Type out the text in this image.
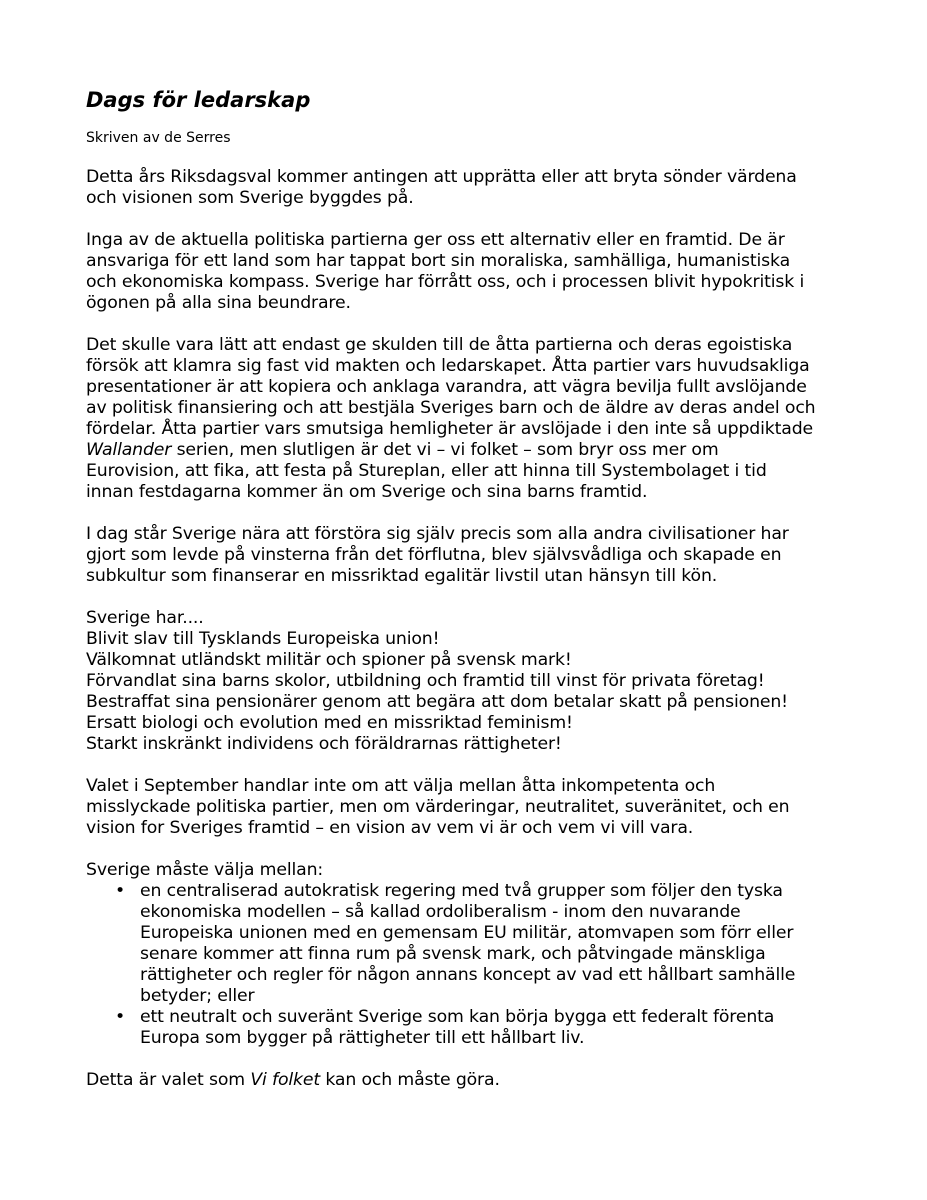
Dags för ledarskap
Skriven av de Serres

Detta års Riksdagsval kommer antingen att upprätta eller att bryta sönder värdena
och visionen som Sverige byggdes på.

Inga av de aktuella politiska partierna ger oss ett alternativ eller en framtid. De är
ansvariga för ett land som har tappat bort sin moraliska, samhälliga, humanistiska
och ekonomiska kompass. Sverige har förrått oss, och i processen blivit hypokritisk i
ögonen på alla sina beundrare.

Det skulle vara lätt att endast ge skulden till de åtta partierna och deras egoistiska
försök att klamra sig fast vid makten och ledarskapet. Åtta partier vars huvudsakliga
presentationer är att kopiera och anklaga varandra, att vägra bevilja fullt avslöjande
av politisk finansiering och att bestjäla Sveriges barn och de äldre av deras andel och
fördelar. Åtta partier vars smutsiga hemligheter är avslöjade i den inte så uppdiktade
Wallander serien, men slutligen är det vi – vi folket – som bryr oss mer om
Eurovision, att fika, att festa på Stureplan, eller att hinna till Systembolaget i tid
innan festdagarna kommer än om Sverige och sina barns framtid.

I dag står Sverige nära att förstöra sig själv precis som alla andra civilisationer har
gjort som levde på vinsterna från det förflutna, blev självsvådliga och skapade en
subkultur som finanserar en missriktad egalitär livstil utan hänsyn till kön.

Sverige har....
Blivit slav till Tysklands Europeiska union!
Välkomnat utländskt militär och spioner på svensk mark!
Förvandlat sina barns skolor, utbildning och framtid till vinst för privata företag!
Bestraffat sina pensionärer genom att begära att dom betalar skatt på pensionen!
Ersatt biologi och evolution med en missriktad feminism!
Starkt inskränkt individens och föräldrarnas rättigheter!

Valet i September handlar inte om att välja mellan åtta inkompetenta och
misslyckade politiska partier, men om värderingar, neutralitet, suveränitet, och en
vision for Sveriges framtid – en vision av vem vi är och vem vi vill vara.

Sverige måste välja mellan:
• en centraliserad autokratisk regering med två grupper som följer den tyska
ekonomiska modellen – så kallad ordoliberalism - inom den nuvarande
Europeiska unionen med en gemensam EU militär, atomvapen som förr eller
senare kommer att finna rum på svensk mark, och påtvingade mänskliga
rättigheter och regler för någon annans koncept av vad ett hållbart samhälle
betyder; eller
• ett neutralt och suveränt Sverige som kan börja bygga ett federalt förenta
Europa som bygger på rättigheter till ett hållbart liv.

Detta är valet som Vi folket kan och måste göra.
